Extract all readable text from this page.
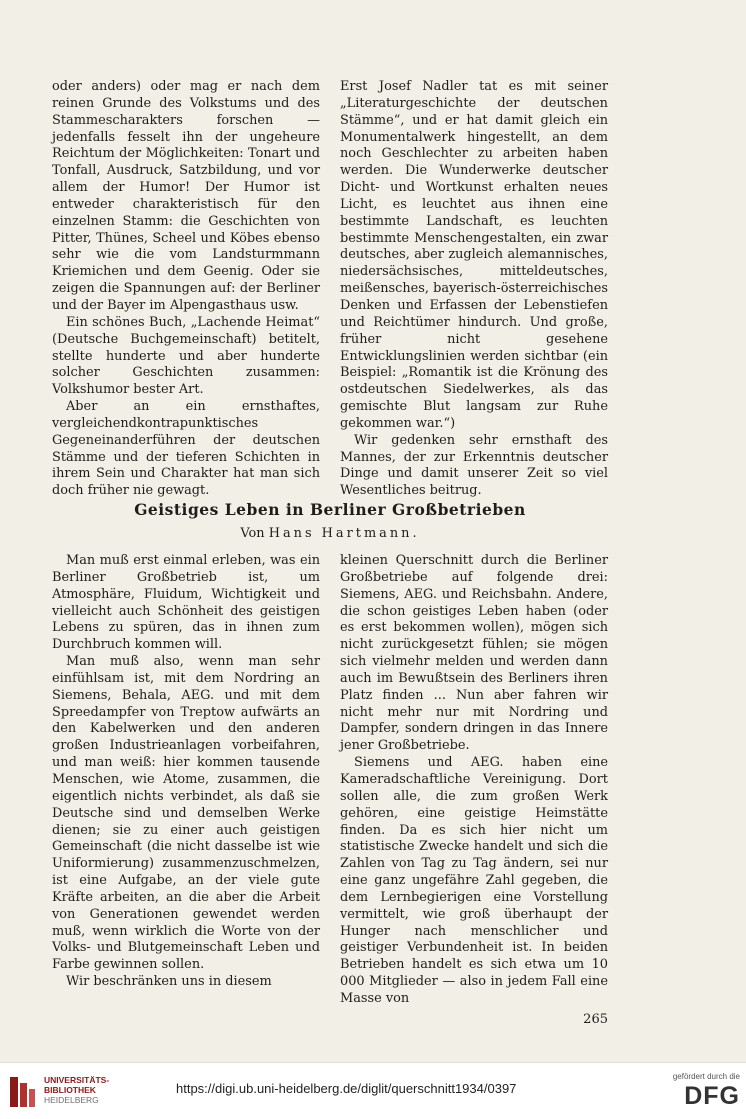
oder anders) oder mag er nach dem reinen Grunde des Volkstums und des Stammescharakters forschen — jedenfalls fesselt ihn der ungeheure Reichtum der Möglichkeiten: Tonart und Tonfall, Ausdruck, Satzbildung, und vor allem der Humor! Der Humor ist entweder charakteristisch für den einzelnen Stamm: die Geschichten von Pitter, Thünes, Scheel und Köbes ebenso sehr wie die vom Landsturmmann Kriemichen und dem Geenig. Oder sie zeigen die Spannungen auf: der Berliner und der Bayer im Alpengasthaus usw.

Ein schönes Buch, „Lachende Heimat“ (Deutsche Buchgemeinschaft) betitelt, stellte hunderte und aber hunderte solcher Geschichten zusammen: Volkshumor bester Art.

Aber an ein ernsthaftes, vergleichendkontrapunktisches Gegeneinanderführen der deutschen Stämme und der tieferen Schichten in ihrem Sein und Charakter hat man sich doch früher nie gewagt.

Erst Josef Nadler tat es mit seiner „Literaturgeschichte der deutschen Stämme“, und er hat damit gleich ein Monumentalwerk hingestellt, an dem noch Geschlechter zu arbeiten haben werden. Die Wunderwerke deutscher Dicht- und Wortkunst erhalten neues Licht, es leuchtet aus ihnen eine bestimmte Landschaft, es leuchten bestimmte Menschengestalten, ein zwar deutsches, aber zugleich alemannisches, niedersächsisches, mitteldeutsches, meißensches, bayerisch-österreichisches Denken und Erfassen der Lebenstiefen und Reichtümer hindurch. Und große, früher nicht gesehene Entwicklungslinien werden sichtbar (ein Beispiel: „Romantik ist die Krönung des ostdeutschen Siedelwerkes, als das gemischte Blut langsam zur Ruhe gekommen war.“)

Wir gedenken sehr ernsthaft des Mannes, der zur Erkenntnis deutscher Dinge und damit unserer Zeit so viel Wesentliches beitrug.

Geistiges Leben in Berliner Großbetrieben
Von Hans Hartmann.

Man muß erst einmal erleben, was ein Berliner Großbetrieb ist, um Atmosphäre, Fluidum, Wichtigkeit und vielleicht auch Schönheit des geistigen Lebens zu spüren, das in ihnen zum Durchbruch kommen will.

Man muß also, wenn man sehr einfühlsam ist, mit dem Nordring an Siemens, Behala, AEG. und mit dem Spreedampfer von Treptow aufwärts an den Kabelwerken und den anderen großen Industrieanlagen vorbeifahren, und man weiß: hier kommen tausende Menschen, wie Atome, zusammen, die eigentlich nichts verbindet, als daß sie Deutsche sind und demselben Werke dienen; sie zu einer auch geistigen Gemeinschaft (die nicht dasselbe ist wie Uniformierung) zusammenzuschmelzen, ist eine Aufgabe, an der viele gute Kräfte arbeiten, an die aber die Arbeit von Generationen gewendet werden muß, wenn wirklich die Worte von der Volks- und Blutgemeinschaft Leben und Farbe gewinnen sollen.

Wir beschränken uns in diesem

kleinen Querschnitt durch die Berliner Großbetriebe auf folgende drei: Siemens, AEG. und Reichsbahn. Andere, die schon geistiges Leben haben (oder es erst bekommen wollen), mögen sich nicht zurückgesetzt fühlen; sie mögen sich vielmehr melden und werden dann auch im Bewußtsein des Berliners ihren Platz finden ... Nun aber fahren wir nicht mehr nur mit Nordring und Dampfer, sondern dringen in das Innere jener Großbetriebe.

Siemens und AEG. haben eine Kameradschaftliche Vereinigung. Dort sollen alle, die zum großen Werk gehören, eine geistige Heimstätte finden. Da es sich hier nicht um statistische Zwecke handelt und sich die Zahlen von Tag zu Tag ändern, sei nur eine ganz ungefähre Zahl gegeben, die dem Lernbegierigen eine Vorstellung vermittelt, wie groß überhaupt der Hunger nach menschlicher und geistiger Verbundenheit ist. In beiden Betrieben handelt es sich etwa um 10 000 Mitglieder — also in jedem Fall eine Masse von

265
UNIVERSITÄTS-
BIBLIOTHEK
HEIDELBERG
https://digi.ub.uni-heidelberg.de/diglit/querschnitt1934/0397
gefördert durch die
DFG
